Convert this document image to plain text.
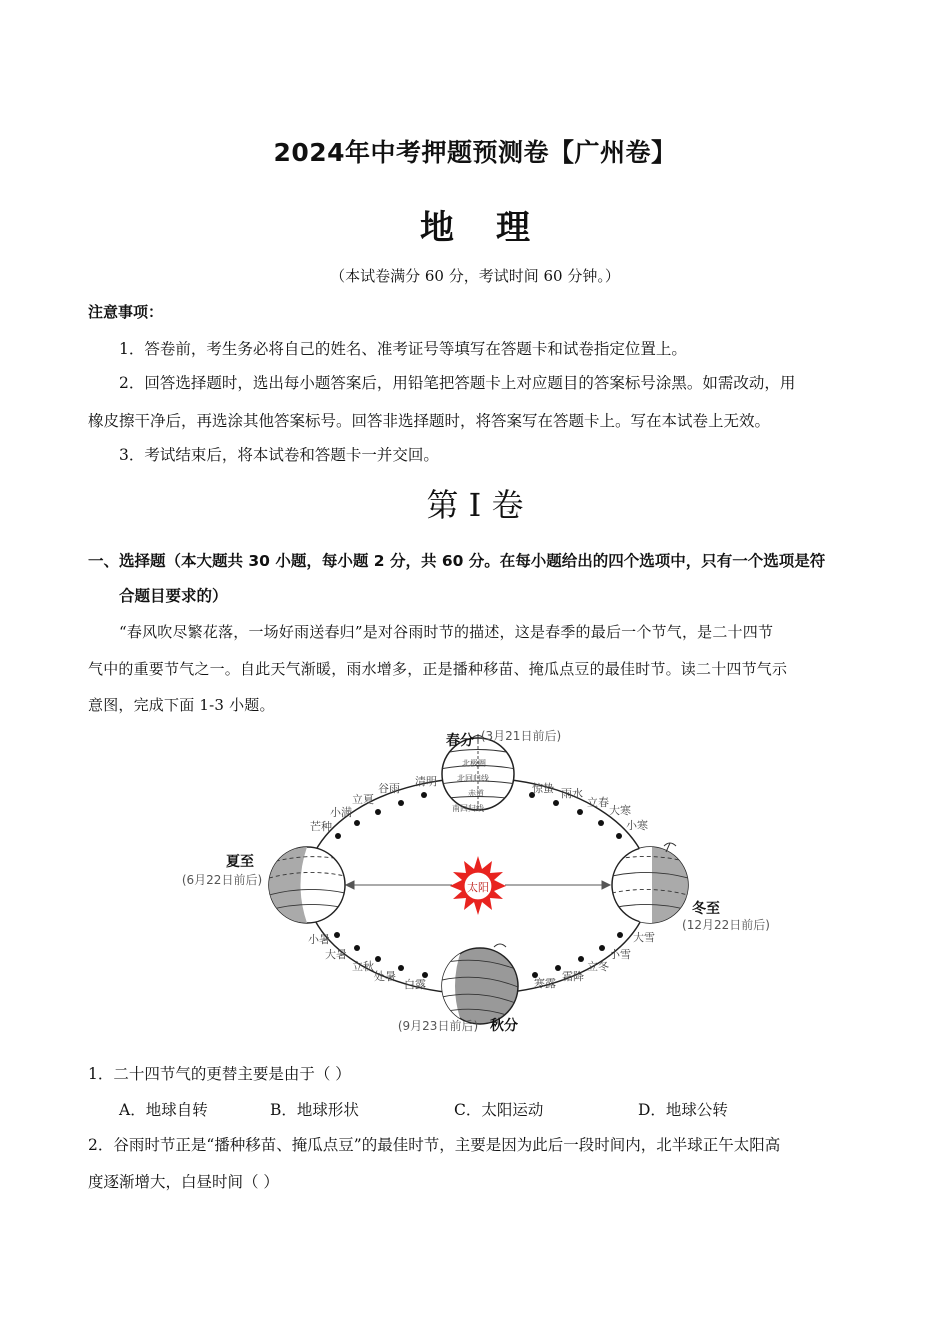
2024年中考押题预测卷【广州卷】
地 理
（本试卷满分 60 分，考试时间 60 分钟。）
注意事项：
1．答卷前，考生务必将自己的姓名、准考证号等填写在答题卡和试卷指定位置上。
2．回答选择题时，选出每小题答案后，用铅笔把答题卡上对应题目的答案标号涂黑。如需改动，用
橡皮擦干净后，再选涂其他答案标号。回答非选择题时，将答案写在答题卡上。写在本试卷上无效。
3．考试结束后，将本试卷和答题卡一并交回。
第 I 卷
一、选择题（本大题共 30 小题，每小题 2 分，共 60 分。在每小题给出的四个选项中，只有一个选项是符
合题目要求的）
“春风吹尽繁花落，一场好雨送春归”是对谷雨时节的描述，这是春季的最后一个节气，是二十四节
气中的重要节气之一。自此天气渐暖，雨水增多，正是播种移苗、掩瓜点豆的最佳时节。读二十四节气示
意图，完成下面 1-3 小题。
太阳
北极圈
北回归线
赤道
南回归线
夏至
(6月22日前后)
冬至
(12月22日前后)
(9月23日前后) 秋分
春分 (3月21日前后)
清明
谷雨
立夏
小满
芒种
惊蛰 雨水
立春
大寒
小寒
小暑
大暑
立秋
处暑
白露	寒露
霜降
立冬
小雪
大雪
1．二十四节气的更替主要是由于（ ）
A．地球自转	B．地球形状	C．太阳运动	D．地球公转
2．谷雨时节正是“播种移苗、掩瓜点豆”的最佳时节，主要是因为此后一段时间内，北半球正午太阳高
度逐渐增大，白昼时间（ ）
